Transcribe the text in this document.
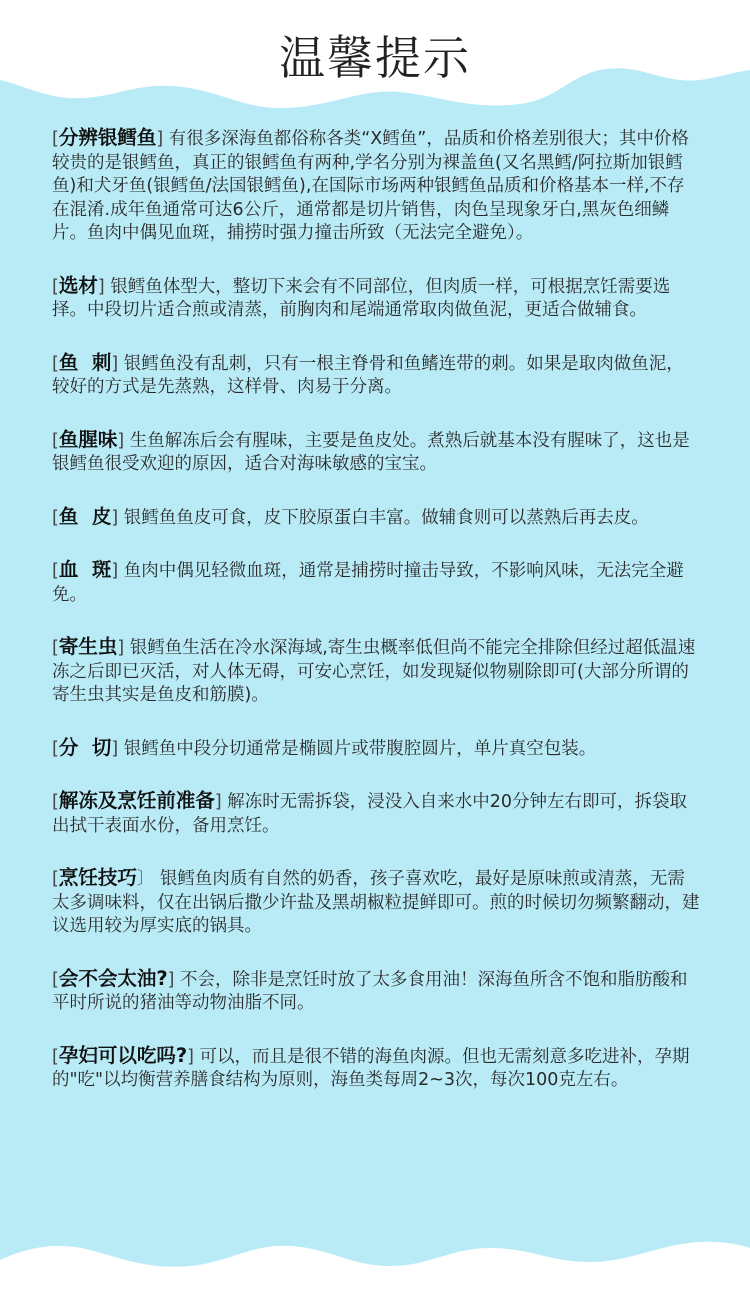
温馨提示

[分辨银鳕鱼] 有很多深海鱼都俗称各类“X鳕鱼”，品质和价格差别很大；其中价格较贵的是银鳕鱼，真正的银鳕鱼有两种,学名分别为裸盖鱼(又名黑鳕/阿拉斯加银鳕鱼)和犬牙鱼(银鳕鱼/法国银鳕鱼),在国际市场两种银鳕鱼品质和价格基本一样,不存在混淆.成年鱼通常可达6公斤，通常都是切片销售，肉色呈现象牙白,黑灰色细鳞片。鱼肉中偶见血斑，捕捞时强力撞击所致（无法完全避免）。

[选材] 银鳕鱼体型大，整切下来会有不同部位，但肉质一样，可根据烹饪需要选择。中段切片适合煎或清蒸，前胸肉和尾端通常取肉做鱼泥，更适合做辅食。

[鱼  刺] 银鳕鱼没有乱刺，只有一根主脊骨和鱼鳍连带的刺。如果是取肉做鱼泥，较好的方式是先蒸熟，这样骨、肉易于分离。

[鱼腥味] 生鱼解冻后会有腥味，主要是鱼皮处。煮熟后就基本没有腥味了，这也是银鳕鱼很受欢迎的原因，适合对海味敏感的宝宝。

[鱼  皮] 银鳕鱼鱼皮可食，皮下胶原蛋白丰富。做辅食则可以蒸熟后再去皮。

[血  斑] 鱼肉中偶见轻微血斑，通常是捕捞时撞击导致，不影响风味，无法完全避免。

[寄生虫] 银鳕鱼生活在冷水深海域,寄生虫概率低但尚不能完全排除但经过超低温速冻之后即已灭活，对人体无碍，可安心烹饪，如发现疑似物剔除即可(大部分所谓的寄生虫其实是鱼皮和筋膜)。

[分  切] 银鳕鱼中段分切通常是椭圆片或带腹腔圆片，单片真空包装。

[解冻及烹饪前准备] 解冻时无需拆袋，浸没入自来水中20分钟左右即可，拆袋取出拭干表面水份，备用烹饪。

[烹饪技巧〕 银鳕鱼肉质有自然的奶香，孩子喜欢吃，最好是原味煎或清蒸，无需太多调味料，仅在出锅后撒少许盐及黑胡椒粒提鲜即可。煎的时候切勿频繁翻动，建议选用较为厚实底的锅具。

[会不会太油?] 不会，除非是烹饪时放了太多食用油！深海鱼所含不饱和脂肪酸和平时所说的猪油等动物油脂不同。

[孕妇可以吃吗?] 可以，而且是很不错的海鱼肉源。但也无需刻意多吃进补，孕期的"吃"以均衡营养膳食结构为原则，海鱼类每周2~3次，每次100克左右。
